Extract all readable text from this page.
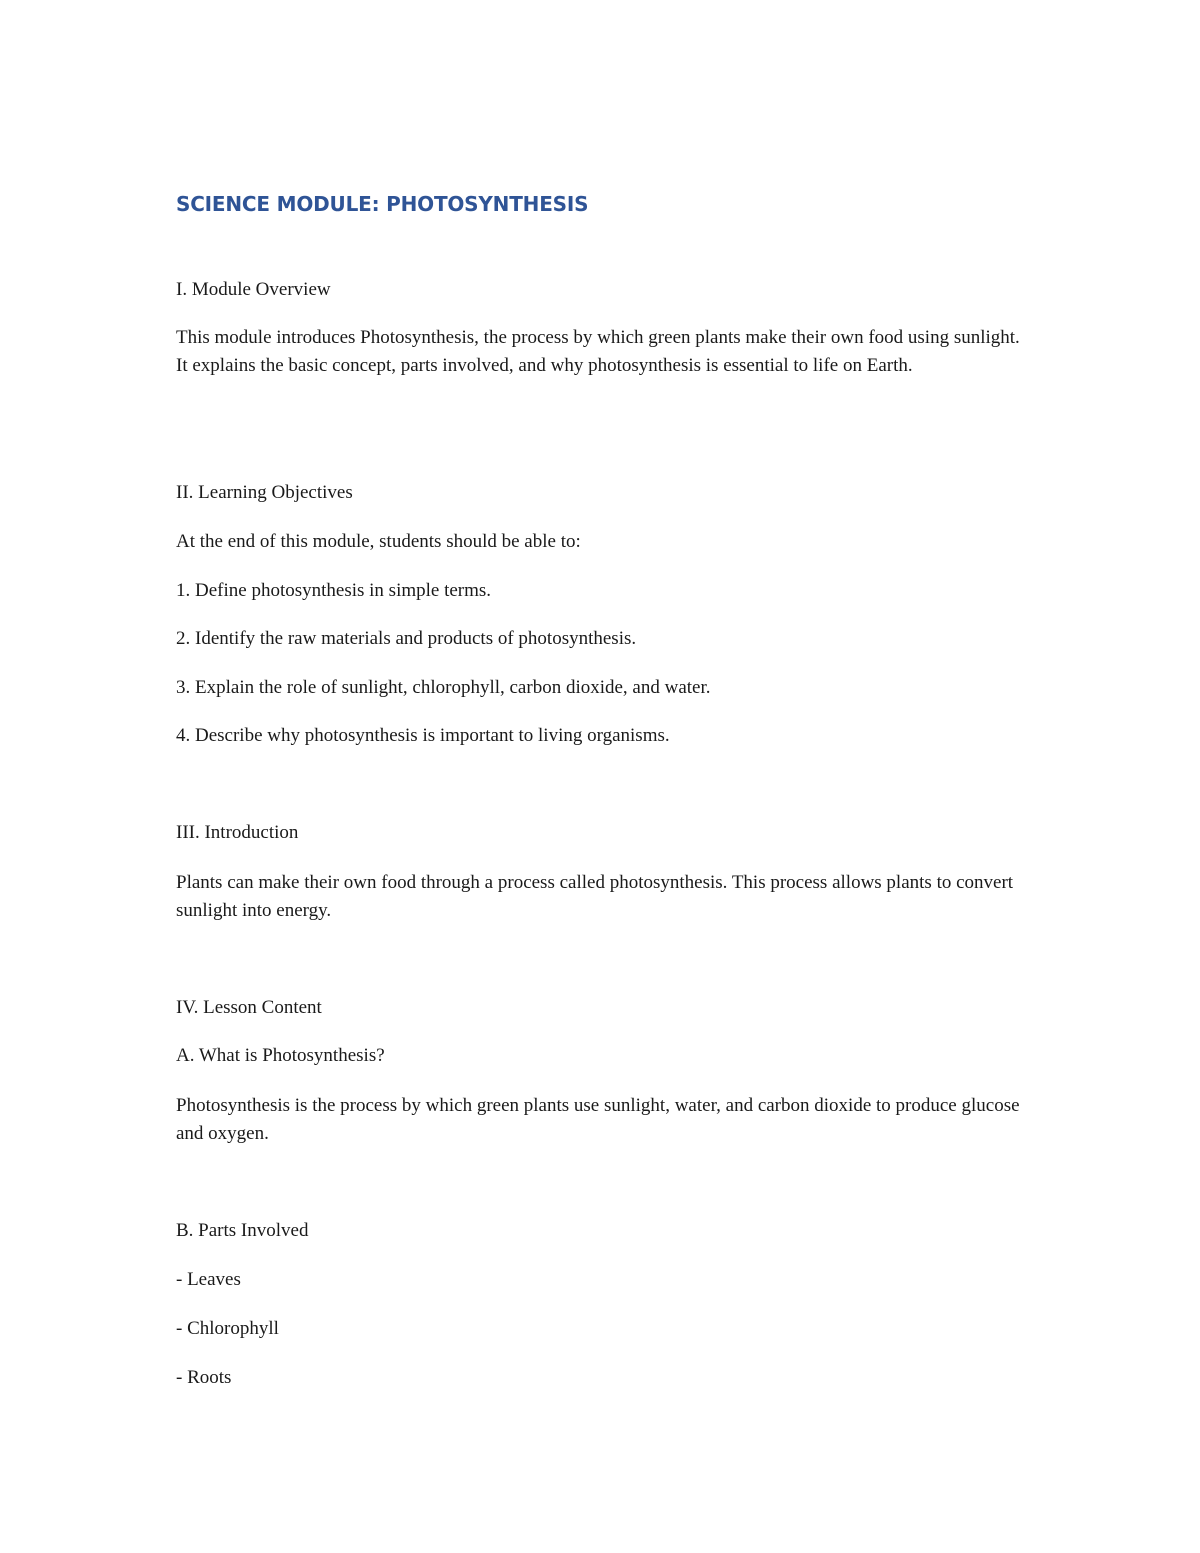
SCIENCE MODULE: PHOTOSYNTHESIS

I. Module Overview

This module introduces Photosynthesis, the process by which green plants make their own food using sunlight. It explains the basic concept, parts involved, and why photosynthesis is essential to life on Earth.

II. Learning Objectives

At the end of this module, students should be able to:

1. Define photosynthesis in simple terms.

2. Identify the raw materials and products of photosynthesis.

3. Explain the role of sunlight, chlorophyll, carbon dioxide, and water.

4. Describe why photosynthesis is important to living organisms.

III. Introduction

Plants can make their own food through a process called photosynthesis. This process allows plants to convert sunlight into energy.

IV. Lesson Content

A. What is Photosynthesis?

Photosynthesis is the process by which green plants use sunlight, water, and carbon dioxide to produce glucose and oxygen.

B. Parts Involved

- Leaves

- Chlorophyll

- Roots
